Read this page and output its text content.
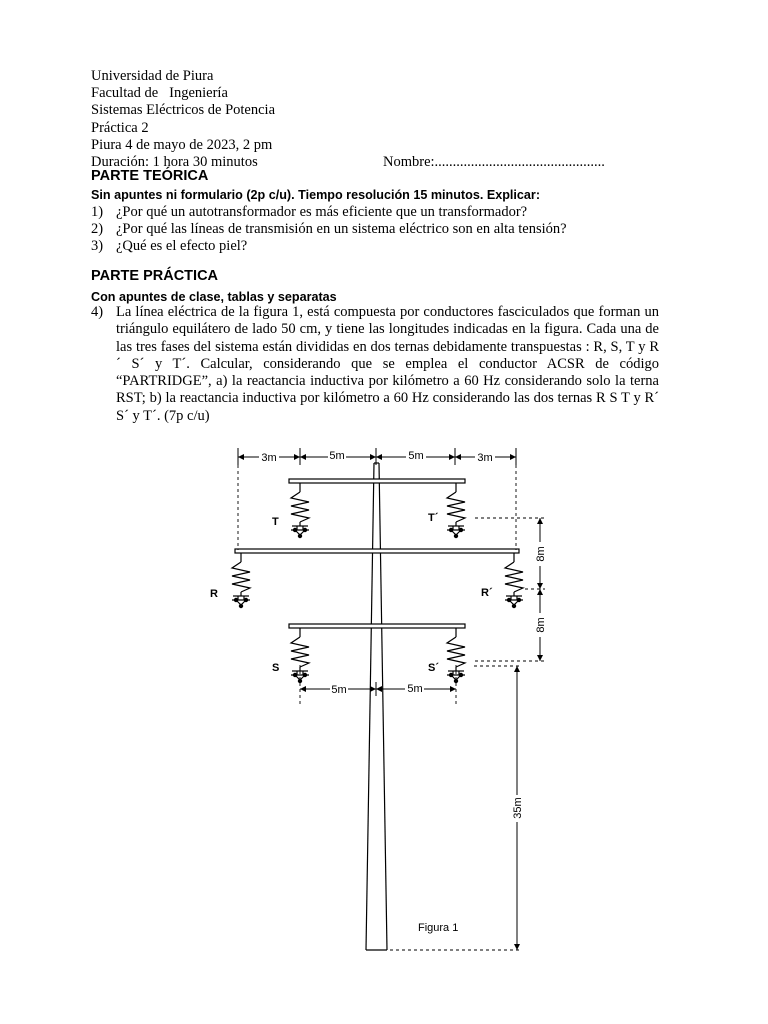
Universidad de Piura
Facultad de   Ingeniería
Sistemas Eléctricos de Potencia
Práctica 2
Piura 4 de mayo de 2023, 2 pm
Duración: 1 hora 30 minutos	Nombre:...............................................
PARTE TEÓRICA
Sin apuntes ni formulario (2p c/u). Tiempo resolución 15 minutos. Explicar:
1) ¿Por qué un autotransformador es más eficiente que un transformador?
2) ¿Por qué las líneas de transmisión en un sistema eléctrico son en alta tensión?
3) ¿Qué es el efecto piel?
PARTE PRÁCTICA
Con apuntes de clase, tablas y separatas
4) La línea eléctrica de la figura 1, está compuesta por conductores fasciculados que forman un triángulo equilátero de lado 50 cm, y tiene las longitudes indicadas en la figura. Cada una de las tres fases del sistema están divididas en dos ternas debidamente transpuestas : R, S, T y R´ S´ y T´. Calcular, considerando que se emplea el conductor ACSR de código “PARTRIDGE”, a) la reactancia inductiva por kilómetro a 60 Hz considerando solo la terna RST; b) la reactancia inductiva por kilómetro a 60 Hz considerando las dos ternas R S T y R´ S´ y T´. (7p c/u)
T	T´
R	R´
S	S´
3m	5m	5m	3m
8m
8m
35m
5m	5m
Figura 1
